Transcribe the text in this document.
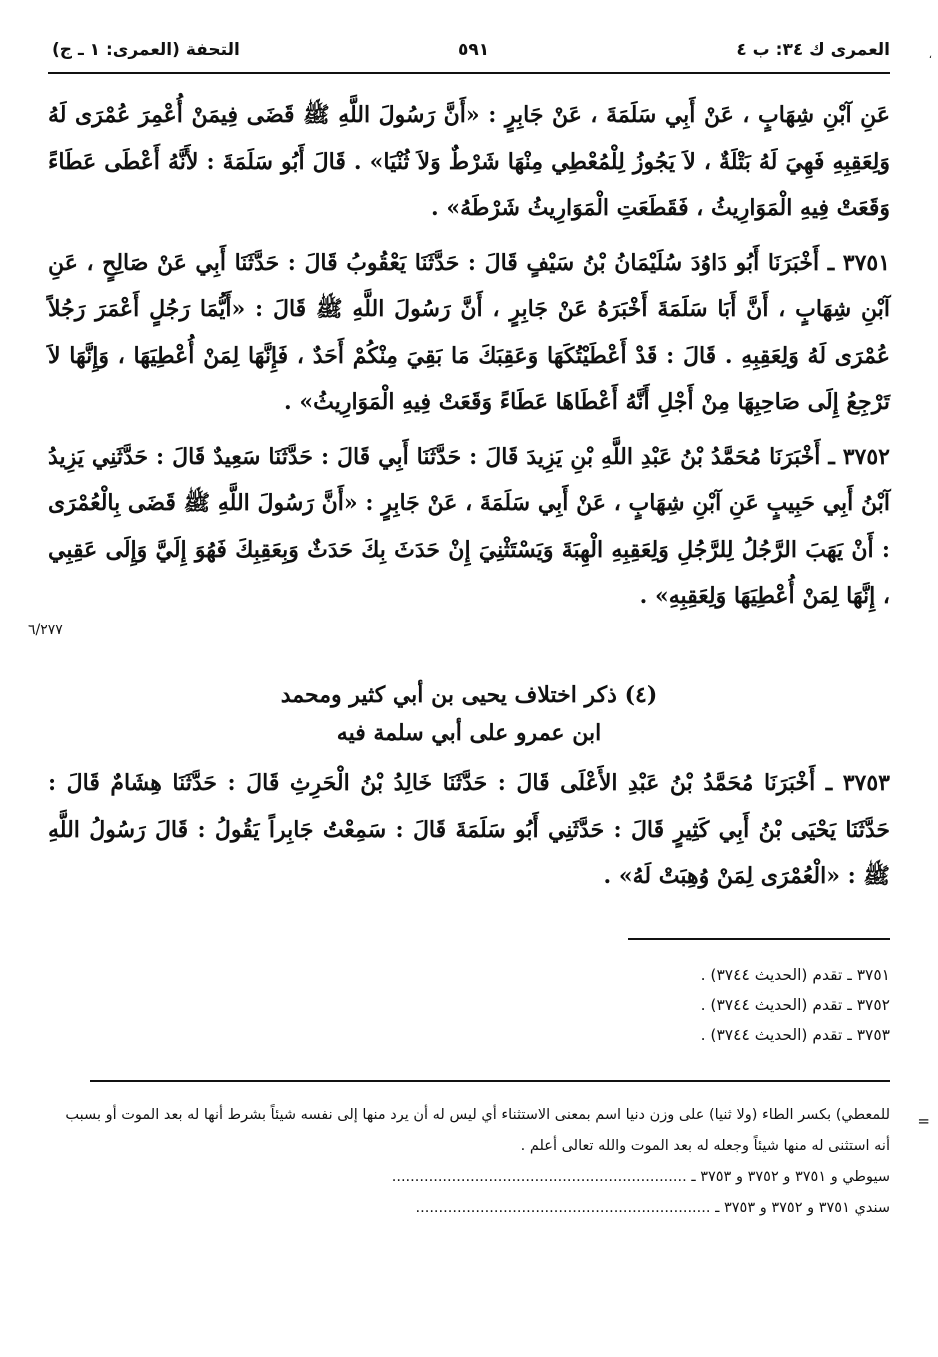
العمرى ك ٣٤: ب ٤
٥٩١
التحفة (العمرى: ١ ـ ج)	،

عَنِ آبْنِ شِهَابٍ ، عَنْ أَبِي سَلَمَةَ ، عَنْ جَابِرٍ : «أَنَّ رَسُولَ اللَّهِ ﷺ قَضَى فِيمَنْ أُعْمِرَ عُمْرَى لَهُ وَلِعَقِبِهِ فَهِيَ لَهُ بَتْلَةٌ ، لاَ يَجُوزُ لِلْمُعْطِي مِنْهَا شَرْطٌ وَلاَ ثُنْيَا» . قَالَ أَبُو سَلَمَةَ : لأَنَّهُ أَعْطَى عَطَاءً وَقَعَتْ فِيهِ الْمَوَارِيثُ ، فَقَطَعَتِ الْمَوَارِيثُ شَرْطَهُ» .

٣٧٥١ ـ أَخْبَرَنَا أَبُو دَاوُدَ سُلَيْمَانُ بْنُ سَيْفٍ قَالَ : حَدَّثَنَا يَعْقُوبُ قَالَ : حَدَّثَنَا أَبِي عَنْ صَالِحٍ ، عَنِ آبْنِ شِهَابٍ ، أَنَّ أَبَا سَلَمَةَ أَخْبَرَهُ عَنْ جَابِرٍ ، أَنَّ رَسُولَ اللَّهِ ﷺ قَالَ : «أَيُّمَا رَجُلٍ أَعْمَرَ رَجُلاً عُمْرَى لَهُ وَلِعَقِبِهِ . قَالَ : قَدْ أَعْطَيْتُكَهَا وَعَقِبَكَ مَا بَقِيَ مِنْكُمْ أَحَدٌ ، فَإِنَّهَا لِمَنْ أُعْطِيَهَا ، وَإِنَّهَا لاَ تَرْجِعُ إِلَى صَاحِبِهَا مِنْ أَجْلِ أَنَّهُ أَعْطَاهَا عَطَاءً وَقَعَتْ فِيهِ الْمَوَارِيثُ» .

٣٧٥٢ ـ أَخْبَرَنَا مُحَمَّدُ بْنُ عَبْدِ اللَّهِ بْنِ يَزِيدَ قَالَ : حَدَّثَنَا أَبِي قَالَ : حَدَّثَنَا سَعِيدٌ قَالَ : حَدَّثَنِي يَزِيدُ آبْنُ أَبِي حَبِيبٍ عَنِ آبْنِ شِهَابٍ ، عَنْ أَبِي سَلَمَةَ ، عَنْ جَابِرٍ : «أَنَّ رَسُولَ اللَّهِ ﷺ قَضَى بِالْعُمْرَى : أَنْ يَهَبَ الرَّجُلُ لِلرَّجُلِ وَلِعَقِبِهِ الْهِبَةَ وَيَسْتَثْنِيَ إِنْ حَدَثَ بِكَ حَدَثٌ وَبِعَقِبِكَ فَهُوَ إِلَيَّ وَإِلَى عَقِبِي ، إِنَّهَا لِمَنْ أُعْطِيَهَا وَلِعَقِبِهِ» .

٦/٢٧٧
(٤) ذكر اختلاف يحيى بن أبي كثير ومحمد
ابن عمرو على أبي سلمة فيه

٣٧٥٣ ـ أَخْبَرَنَا مُحَمَّدُ بْنُ عَبْدِ الأَعْلَى قَالَ : حَدَّثَنَا خَالِدُ بْنُ الْحَرِثِ قَالَ : حَدَّثَنَا هِشَامٌ قَالَ : حَدَّثَنَا يَحْيَى بْنُ أَبِي كَثِيرٍ قَالَ : حَدَّثَنِي أَبُو سَلَمَةَ قَالَ : سَمِعْتُ جَابِراً يَقُولُ : قَالَ رَسُولُ اللَّهِ ﷺ : «الْعُمْرَى لِمَنْ وُهِبَتْ لَهُ» .

٣٧٥١ ـ تقدم (الحديث ٣٧٤٤) .

٣٧٥٢ ـ تقدم (الحديث ٣٧٤٤) .

٣٧٥٣ ـ تقدم (الحديث ٣٧٤٤) .

=

للمعطي) بكسر الطاء (ولا ثنيا) على وزن دنيا اسم بمعنى الاستثناء أي ليس له أن يرد منها إلى نفسه شيئاً بشرط أنها له بعد الموت أو بسبب أنه استثنى له منها شيئاً وجعله له بعد الموت والله تعالى أعلم .

سيوطي و ٣٧٥١ و ٣٧٥٢ و ٣٧٥٣ ـ ................................................................

سندي ٣٧٥١ و ٣٧٥٢ و ٣٧٥٣ ـ ................................................................
